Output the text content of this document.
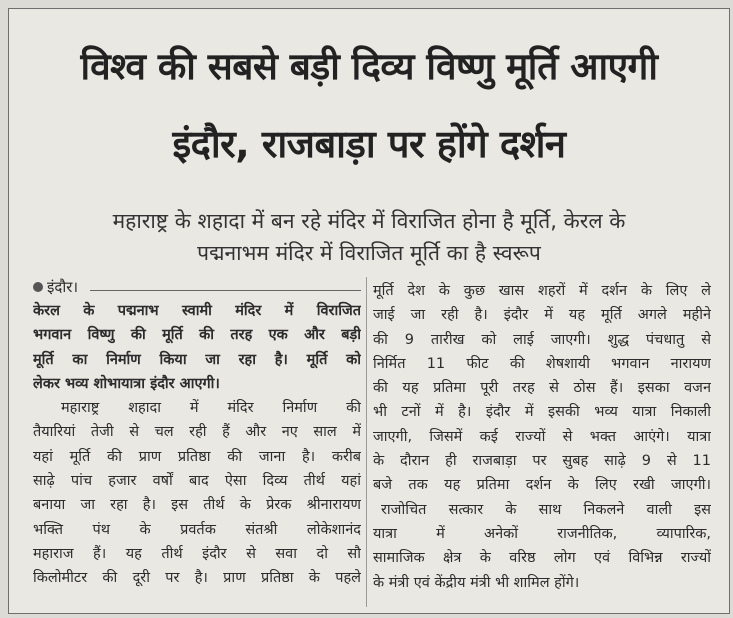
विश्व की सबसे बड़ी दिव्य विष्णु मूर्ति आएगी
इंदौर, राजबाड़ा पर होंगे दर्शन
महाराष्ट्र के शहादा में बन रहे मंदिर में विराजित होना है मूर्ति, केरल के
पद्मनाभम मंदिर में विराजित मूर्ति का है स्वरूप
इंदौर।
केरल के पद्मनाभ स्वामी मंदिर में विराजित
भगवान विष्णु की मूर्ति की तरह एक और बड़ी
मूर्ति का निर्माण किया जा रहा है। मूर्ति को
लेकर भव्य शोभायात्रा इंदौर आएगी।
महाराष्ट्र शहादा में मंदिर निर्माण की
तैयारियां तेजी से चल रही हैं और नए साल में
यहां मूर्ति की प्राण प्रतिष्ठा की जाना है। करीब
साढ़े पांच हजार वर्षों बाद ऐसा दिव्य तीर्थ यहां
बनाया जा रहा है। इस तीर्थ के प्रेरक श्रीनारायण
भक्ति पंथ के प्रवर्तक संतश्री लोकेशानंद
महाराज हैं। यह तीर्थ इंदौर से सवा दो सौ
किलोमीटर की दूरी पर है। प्राण प्रतिष्ठा के पहले
मूर्ति देश के कुछ खास शहरों में दर्शन के लिए ले
जाई जा रही है। इंदौर में यह मूर्ति अगले महीने
की 9 तारीख को लाई जाएगी। शुद्ध पंचधातु से
निर्मित 11 फीट की शेषशायी भगवान नारायण
की यह प्रतिमा पूरी तरह से ठोस हैं। इसका वजन
भी टनों में है। इंदौर में इसकी भव्य यात्रा निकाली
जाएगी, जिसमें कई राज्यों से भक्त आएंगे। यात्रा
के दौरान ही राजबाड़ा पर सुबह साढ़े 9 से 11
बजे तक यह प्रतिमा दर्शन के लिए रखी जाएगी।
राजोचित सत्कार के साथ निकलने वाली इस
यात्रा में अनेकों राजनीतिक, व्यापारिक,
सामाजिक क्षेत्र के वरिष्ठ लोग एवं विभिन्न राज्यों
के मंत्री एवं केंद्रीय मंत्री भी शामिल होंगे।
